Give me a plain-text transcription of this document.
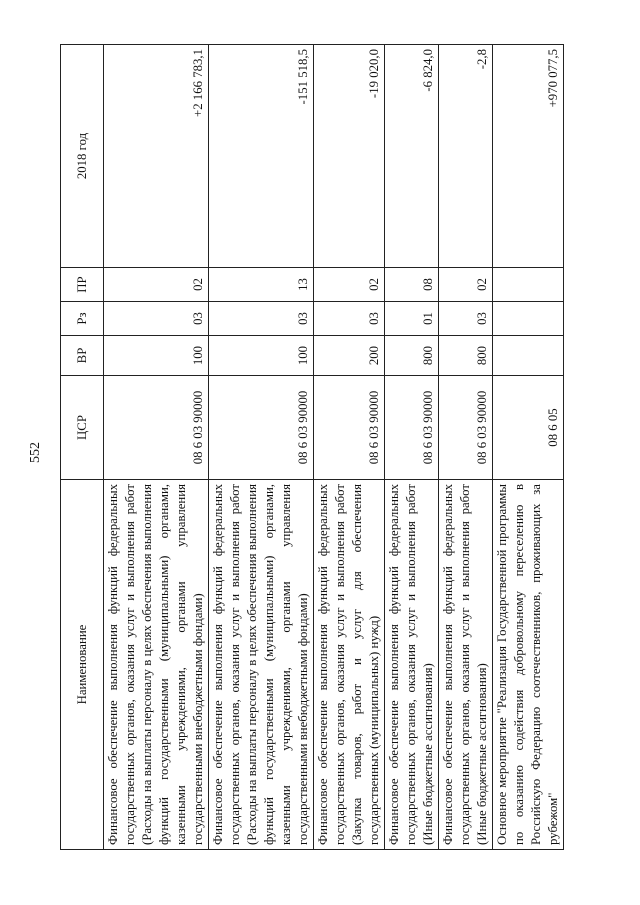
552
Наименование	ЦСР	ВР	Рз	ПР	2018 год
Финансовое обеспечение выполнения функций федеральных государственных органов, оказания услуг и выполнения работ (Расходы на выплаты персоналу в целях обеспечения выполнения функций государственными (муниципальными) органами, казенными учреждениями, органами управления государственными внебюджетными фондами)	08 6 03 90000	100	03	02	+2 166 783,1
Финансовое обеспечение выполнения функций федеральных государственных органов, оказания услуг и выполнения работ (Расходы на выплаты персоналу в целях обеспечения выполнения функций государственными (муниципальными) органами, казенными учреждениями, органами управления государственными внебюджетными фондами)	08 6 03 90000	100	03	13	-151 518,5
Финансовое обеспечение выполнения функций федеральных государственных органов, оказания услуг и выполнения работ (Закупка товаров, работ и услуг для обеспечения государственных (муниципальных) нужд)	08 6 03 90000	200	03	02	-19 020,0
Финансовое обеспечение выполнения функций федеральных государственных органов, оказания услуг и выполнения работ (Иные бюджетные ассигнования)	08 6 03 90000	800	01	08	-6 824,0
Финансовое обеспечение выполнения функций федеральных государственных органов, оказания услуг и выполнения работ (Иные бюджетные ассигнования)	08 6 03 90000	800	03	02	-2,8
Основное мероприятие "Реализация Государственной программы по оказанию содействия добровольному переселению в Российскую Федерацию соотечественников, проживающих за рубежом"	08 6 05				+970 077,5
